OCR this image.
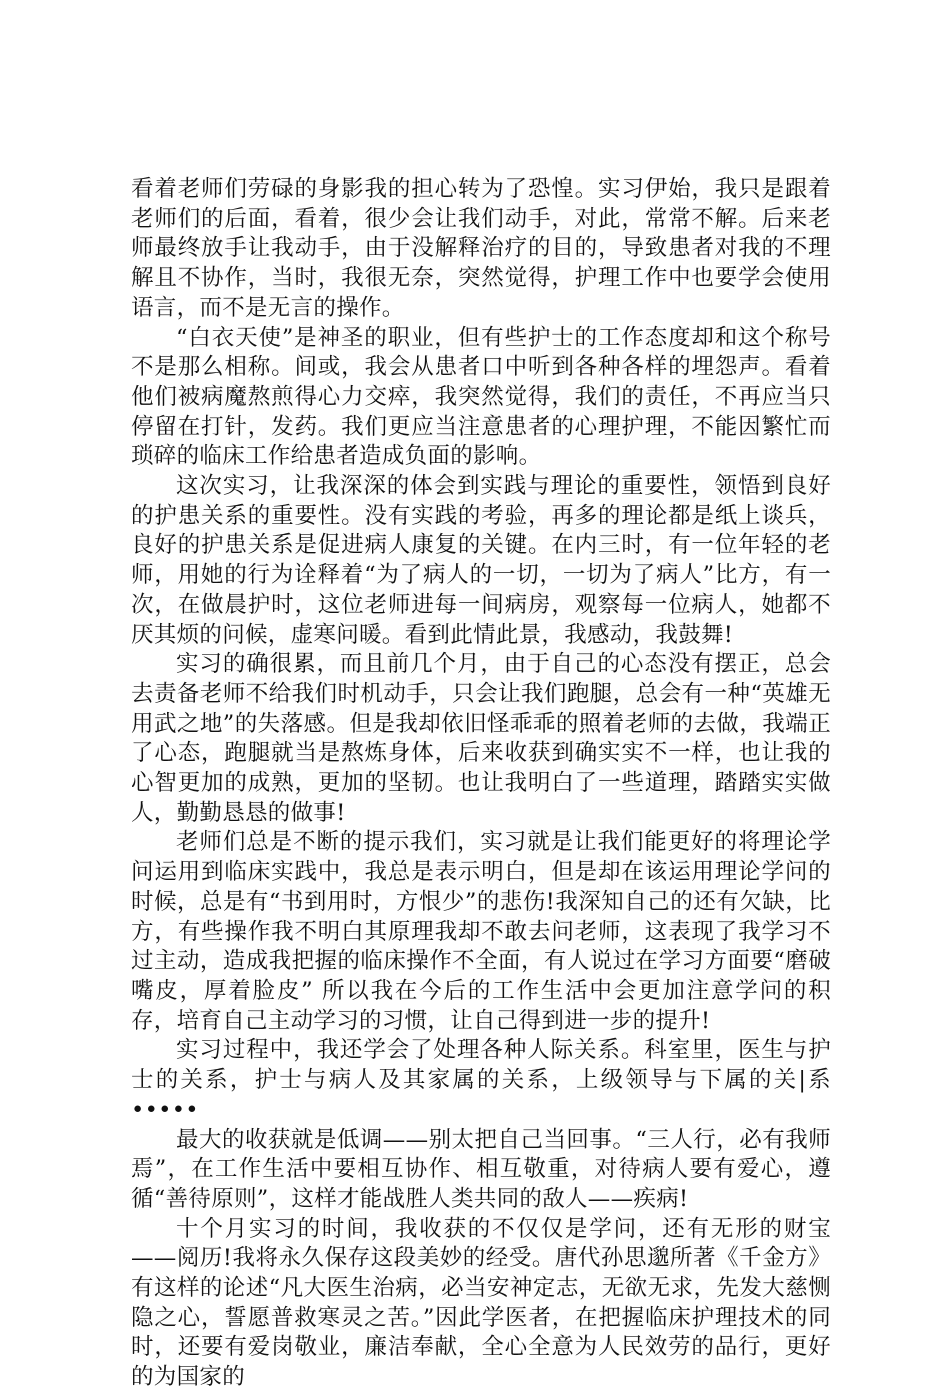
看着老师们劳碌的身影我的担心转为了恐惶。实习伊始，我只是跟着老师们的后面，看着，很少会让我们动手，对此，常常不解。后来老师最终放手让我动手，由于没解释治疗的目的，导致患者对我的不理解且不协作，当时，我很无奈，突然觉得，护理工作中也要学会使用语言，而不是无言的操作。

“白衣天使”是神圣的职业，但有些护士的工作态度却和这个称号不是那么相称。间或，我会从患者口中听到各种各样的埋怨声。看着他们被病魔熬煎得心力交瘁，我突然觉得，我们的责任，不再应当只停留在打针，发药。我们更应当注意患者的心理护理，不能因繁忙而琐碎的临床工作给患者造成负面的影响。

这次实习，让我深深的体会到实践与理论的重要性，领悟到良好的护患关系的重要性。没有实践的考验，再多的理论都是纸上谈兵，良好的护患关系是促进病人康复的关键。在内三时，有一位年轻的老师，用她的行为诠释着“为了病人的一切，一切为了病人”比方，有一次，在做晨护时，这位老师进每一间病房，观察每一位病人，她都不厌其烦的问候，虚寒问暖。看到此情此景，我感动，我鼓舞!

实习的确很累，而且前几个月，由于自己的心态没有摆正，总会去责备老师不给我们时机动手，只会让我们跑腿，总会有一种“英雄无用武之地”的失落感。但是我却依旧怪乖乖的照着老师的去做，我端正了心态，跑腿就当是熬炼身体，后来收获到确实实不一样，也让我的心智更加的成熟，更加的坚韧。也让我明白了一些道理，踏踏实实做人，勤勤恳恳的做事!

老师们总是不断的提示我们，实习就是让我们能更好的将理论学问运用到临床实践中，我总是表示明白，但是却在该运用理论学问的时候，总是有“书到用时，方恨少”的悲伤!我深知自己的还有欠缺，比方，有些操作我不明白其原理我却不敢去问老师，这表现了我学习不过主动，造成我把握的临床操作不全面，有人说过在学习方面要“磨破嘴皮，厚着脸皮” 所以我在今后的工作生活中会更加注意学问的积存，培育自己主动学习的习惯，让自己得到进一步的提升!

实习过程中，我还学会了处理各种人际关系。科室里，医生与护士的关系，护士与病人及其家属的关系，上级领导与下属的关|系•••••

最大的收获就是低调——别太把自己当回事。“三人行，必有我师焉”，在工作生活中要相互协作、相互敬重，对待病人要有爱心，遵循“善待原则”，这样才能战胜人类共同的敌人——疾病!

十个月实习的时间，我收获的不仅仅是学问，还有无形的财宝——阅历!我将永久保存这段美妙的经受。唐代孙思邈所著《千金方》有这样的论述“凡大医生治病，必当安神定志，无欲无求，先发大慈恻隐之心，誓愿普救寒灵之苦。”因此学医者，在把握临床护理技术的同时，还要有爱岗敬业，廉洁奉献，全心全意为人民效劳的品行，更好的为国家的
